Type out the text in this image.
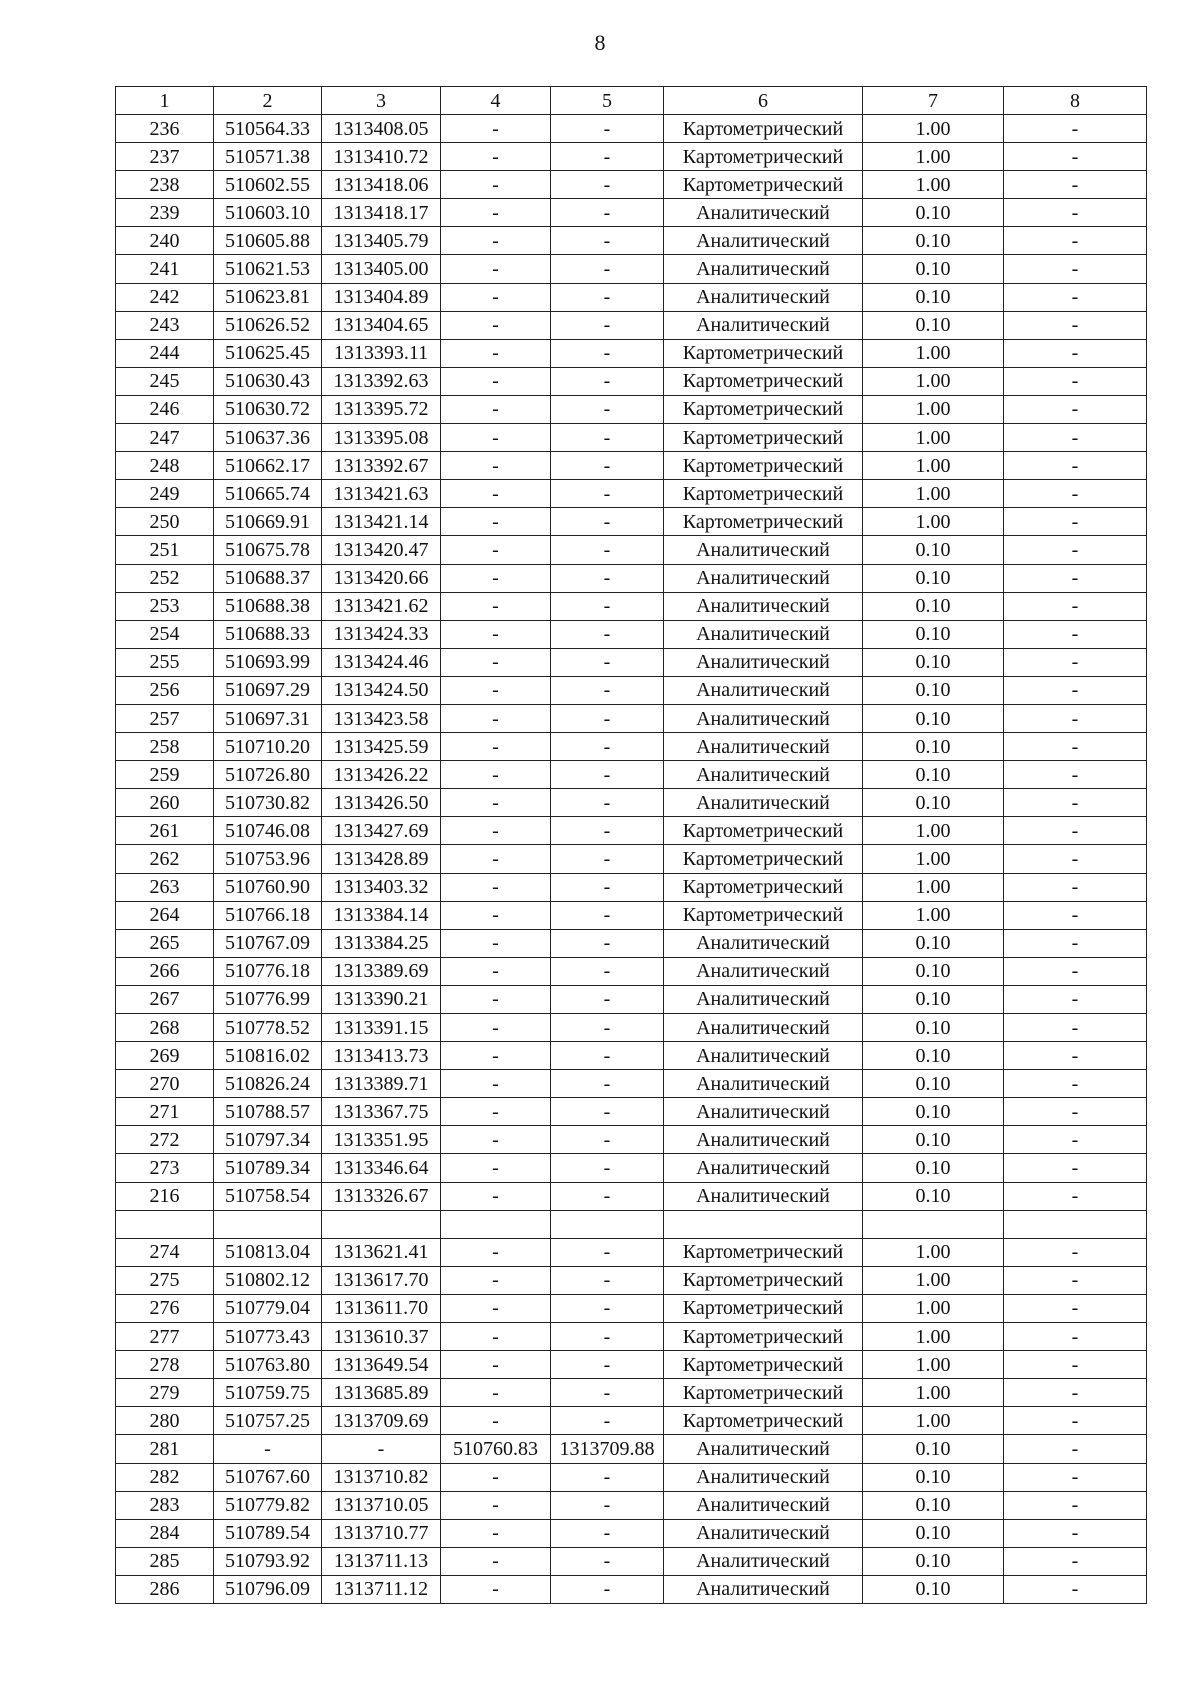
8
1	2	3	4	5	6	7	8
236	510564.33	1313408.05	-	-	Картометрический	1.00	-
237	510571.38	1313410.72	-	-	Картометрический	1.00	-
238	510602.55	1313418.06	-	-	Картометрический	1.00	-
239	510603.10	1313418.17	-	-	Аналитический	0.10	-
240	510605.88	1313405.79	-	-	Аналитический	0.10	-
241	510621.53	1313405.00	-	-	Аналитический	0.10	-
242	510623.81	1313404.89	-	-	Аналитический	0.10	-
243	510626.52	1313404.65	-	-	Аналитический	0.10	-
244	510625.45	1313393.11	-	-	Картометрический	1.00	-
245	510630.43	1313392.63	-	-	Картометрический	1.00	-
246	510630.72	1313395.72	-	-	Картометрический	1.00	-
247	510637.36	1313395.08	-	-	Картометрический	1.00	-
248	510662.17	1313392.67	-	-	Картометрический	1.00	-
249	510665.74	1313421.63	-	-	Картометрический	1.00	-
250	510669.91	1313421.14	-	-	Картометрический	1.00	-
251	510675.78	1313420.47	-	-	Аналитический	0.10	-
252	510688.37	1313420.66	-	-	Аналитический	0.10	-
253	510688.38	1313421.62	-	-	Аналитический	0.10	-
254	510688.33	1313424.33	-	-	Аналитический	0.10	-
255	510693.99	1313424.46	-	-	Аналитический	0.10	-
256	510697.29	1313424.50	-	-	Аналитический	0.10	-
257	510697.31	1313423.58	-	-	Аналитический	0.10	-
258	510710.20	1313425.59	-	-	Аналитический	0.10	-
259	510726.80	1313426.22	-	-	Аналитический	0.10	-
260	510730.82	1313426.50	-	-	Аналитический	0.10	-
261	510746.08	1313427.69	-	-	Картометрический	1.00	-
262	510753.96	1313428.89	-	-	Картометрический	1.00	-
263	510760.90	1313403.32	-	-	Картометрический	1.00	-
264	510766.18	1313384.14	-	-	Картометрический	1.00	-
265	510767.09	1313384.25	-	-	Аналитический	0.10	-
266	510776.18	1313389.69	-	-	Аналитический	0.10	-
267	510776.99	1313390.21	-	-	Аналитический	0.10	-
268	510778.52	1313391.15	-	-	Аналитический	0.10	-
269	510816.02	1313413.73	-	-	Аналитический	0.10	-
270	510826.24	1313389.71	-	-	Аналитический	0.10	-
271	510788.57	1313367.75	-	-	Аналитический	0.10	-
272	510797.34	1313351.95	-	-	Аналитический	0.10	-
273	510789.34	1313346.64	-	-	Аналитический	0.10	-
216	510758.54	1313326.67	-	-	Аналитический	0.10	-

274	510813.04	1313621.41	-	-	Картометрический	1.00	-
275	510802.12	1313617.70	-	-	Картометрический	1.00	-
276	510779.04	1313611.70	-	-	Картометрический	1.00	-
277	510773.43	1313610.37	-	-	Картометрический	1.00	-
278	510763.80	1313649.54	-	-	Картометрический	1.00	-
279	510759.75	1313685.89	-	-	Картометрический	1.00	-
280	510757.25	1313709.69	-	-	Картометрический	1.00	-
281	-	-	510760.83	1313709.88	Аналитический	0.10	-
282	510767.60	1313710.82	-	-	Аналитический	0.10	-
283	510779.82	1313710.05	-	-	Аналитический	0.10	-
284	510789.54	1313710.77	-	-	Аналитический	0.10	-
285	510793.92	1313711.13	-	-	Аналитический	0.10	-
286	510796.09	1313711.12	-	-	Аналитический	0.10	-
